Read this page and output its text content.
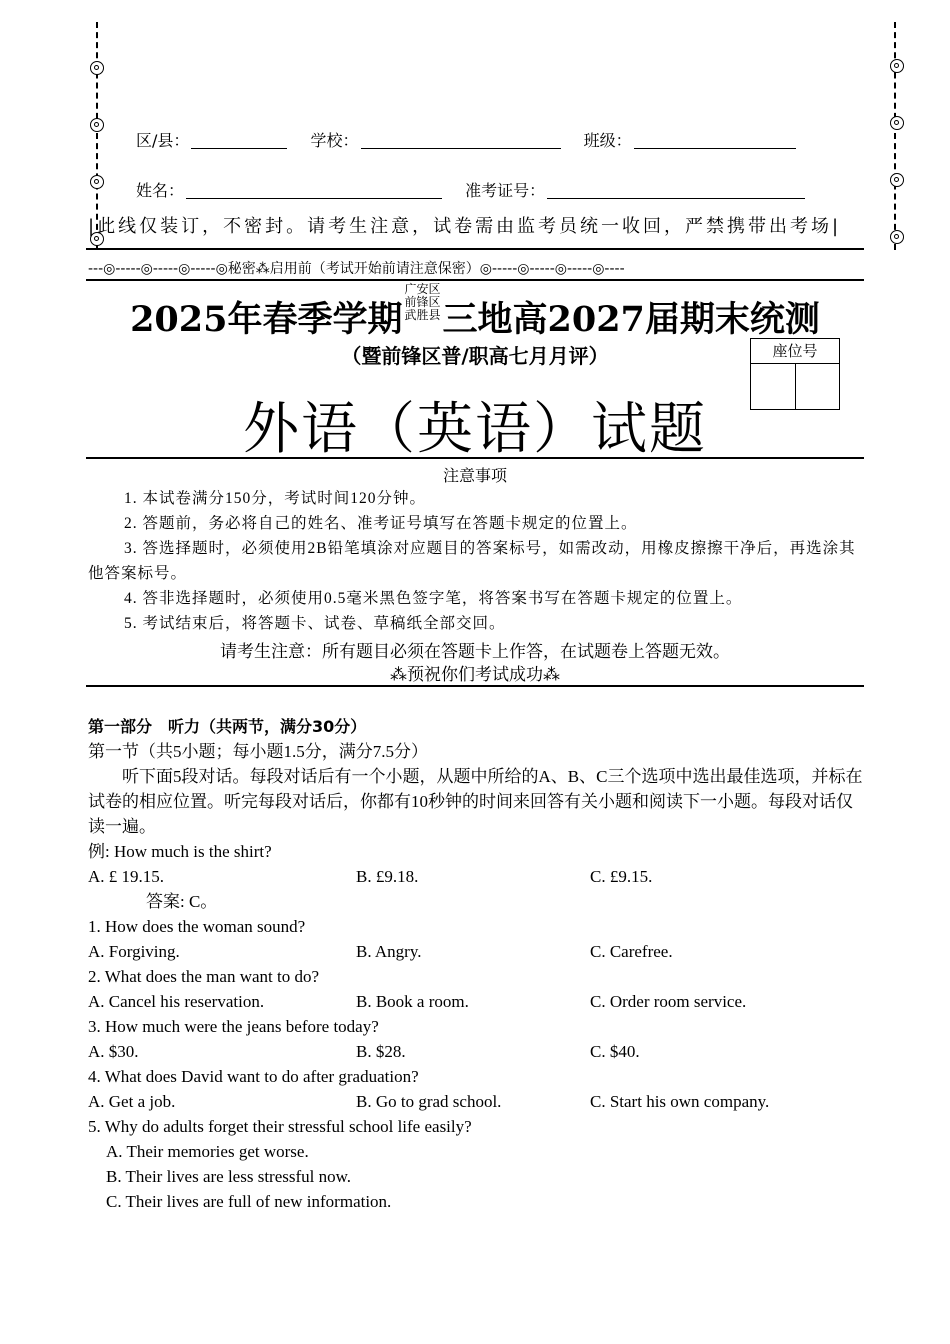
区/县：	学校：	班级：
姓名：	准考证号：
|此线仅装订，不密封。请考生注意，试卷需由监考员统一收回，严禁携带出考场|
---◎-----◎-----◎-----◎秘密⁂启用前（考试开始前请注意保密）◎-----◎-----◎-----◎----
2025年春季学期
广安区
前锋区
武胜县 三地高2027届期末统测
（暨前锋区普/职高七月月评）	座位号
外语（英语）试题
注意事项

1. 本试卷满分150分，考试时间120分钟。

2. 答题前，务必将自己的姓名、准考证号填写在答题卡规定的位置上。

3. 答选择题时，必须使用2B铅笔填涂对应题目的答案标号，如需改动，用橡皮擦擦干净后，再选涂其他答案标号。

4. 答非选择题时，必须使用0.5毫米黑色签字笔，将答案书写在答题卡规定的位置上。

5. 考试结束后，将答题卡、试卷、草稿纸全部交回。

请考生注意：所有题目必须在答题卡上作答，在试题卷上答题无效。
⁂预祝你们考试成功⁂
第一部分　听力（共两节，满分30分）
第一节（共5小题；每小题1.5分，满分7.5分）
听下面5段对话。每段对话后有一个小题，从题中所给的A、B、C三个选项中选出最佳选项，并标在试卷的相应位置。听完每段对话后，你都有10秒钟的时间来回答有关小题和阅读下一小题。每段对话仅读一遍。
例: How much is the shirt?
A. £ 19.15.	B. £9.18.	C. £9.15.
答案: C。
1. How does the woman sound?
A. Forgiving.	B. Angry.	C. Carefree.
2. What does the man want to do?
A. Cancel his reservation.	B. Book a room.	C. Order room service.
3. How much were the jeans before today?
A. $30.	B. $28.	C. $40.
4. What does David want to do after graduation?
A. Get a job.	B. Go to grad school.	C. Start his own company.
5. Why do adults forget their stressful school life easily?
A. Their memories get worse.
B. Their lives are less stressful now.
C. Their lives are full of new information.
